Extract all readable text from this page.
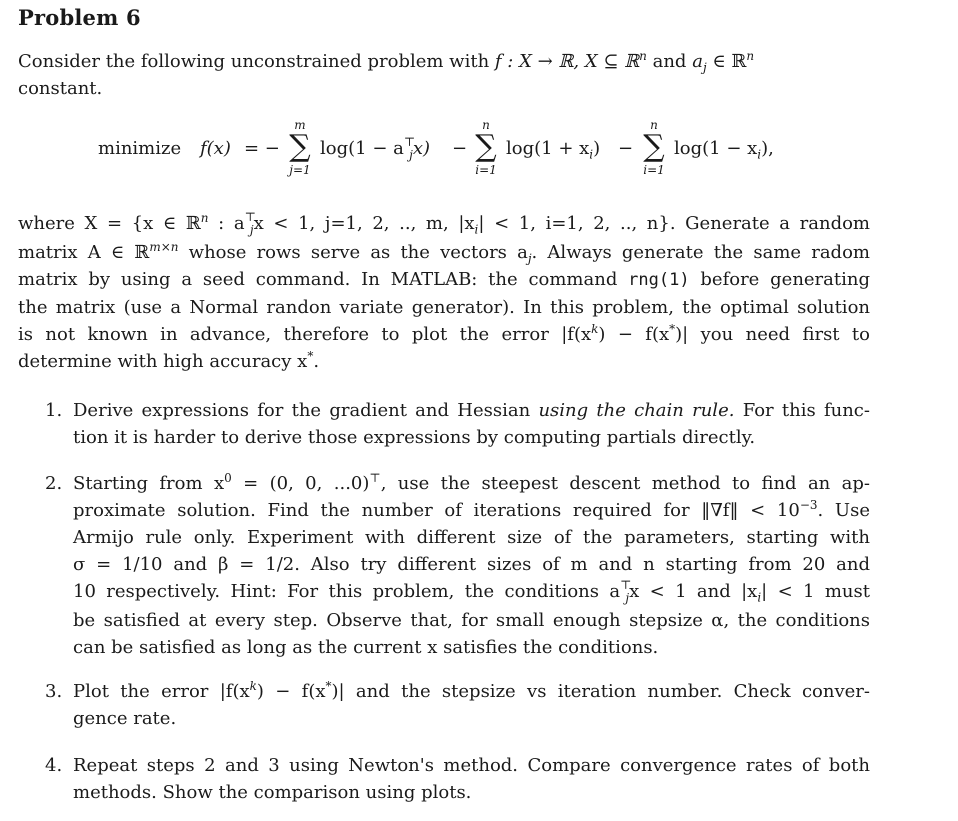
Problem 6
Consider the following unconstrained problem with f : X → ℝ, X ⊆ ℝ$^n$ and $a_j$ ∈ ℝ$^n$
constant.
minimize f(x) = −
m
∑
j=1
$\log(1 - a^⊤_jx)$ −
n
∑
i=1
$\log(1 + x_i)$ −
n
∑
i=1
$\log(1 - x_i)$,
where X = {x ∈ ℝ$^n$ : $a^⊤_jx < 1$, j=1, 2, .., m, $|x_i| < 1$, i=1, 2, .., n}. Generate a random
matrix A ∈ ℝ$^{m\times n}$ whose rows serve as the vectors $a_j$. Always generate the same radom
matrix by using a seed command. In MATLAB: the command rng(1) before generating
the matrix (use a Normal randon variate generator). In this problem, the optimal solution
is not known in advance, therefore to plot the error $|f(x^k) - f(x^*)|$ you need first to
determine with high accuracy x*.
1. Derive expressions for the gradient and Hessian using the chain rule. For this func-
tion it is harder to derive those expressions by computing partials directly.
2. Starting from $x^0 = (0$, 0, ...0)⊤, use the steepest descent method to find an ap-
proximate solution. Find the number of iterations required for ‖∇f‖ < $10^{-3}$. Use
Armijo rule only. Experiment with different size of the parameters, starting with
σ = 1/10 and β = 1/2. Also try different sizes of m and n starting from 20 and
10 respectively. Hint: For this problem, the conditions $a^⊤_jx < 1$ and $|x_i| < 1$ must
be satisfied at every step. Observe that, for small enough stepsize α, the conditions
can be satisfied as long as the current x satisfies the conditions.
3. Plot the error $|f(x^k) - f(x^*)|$ and the stepsize vs iteration number. Check conver-
gence rate.
4. Repeat steps 2 and 3 using Newton's method. Compare convergence rates of both
methods. Show the comparison using plots.
